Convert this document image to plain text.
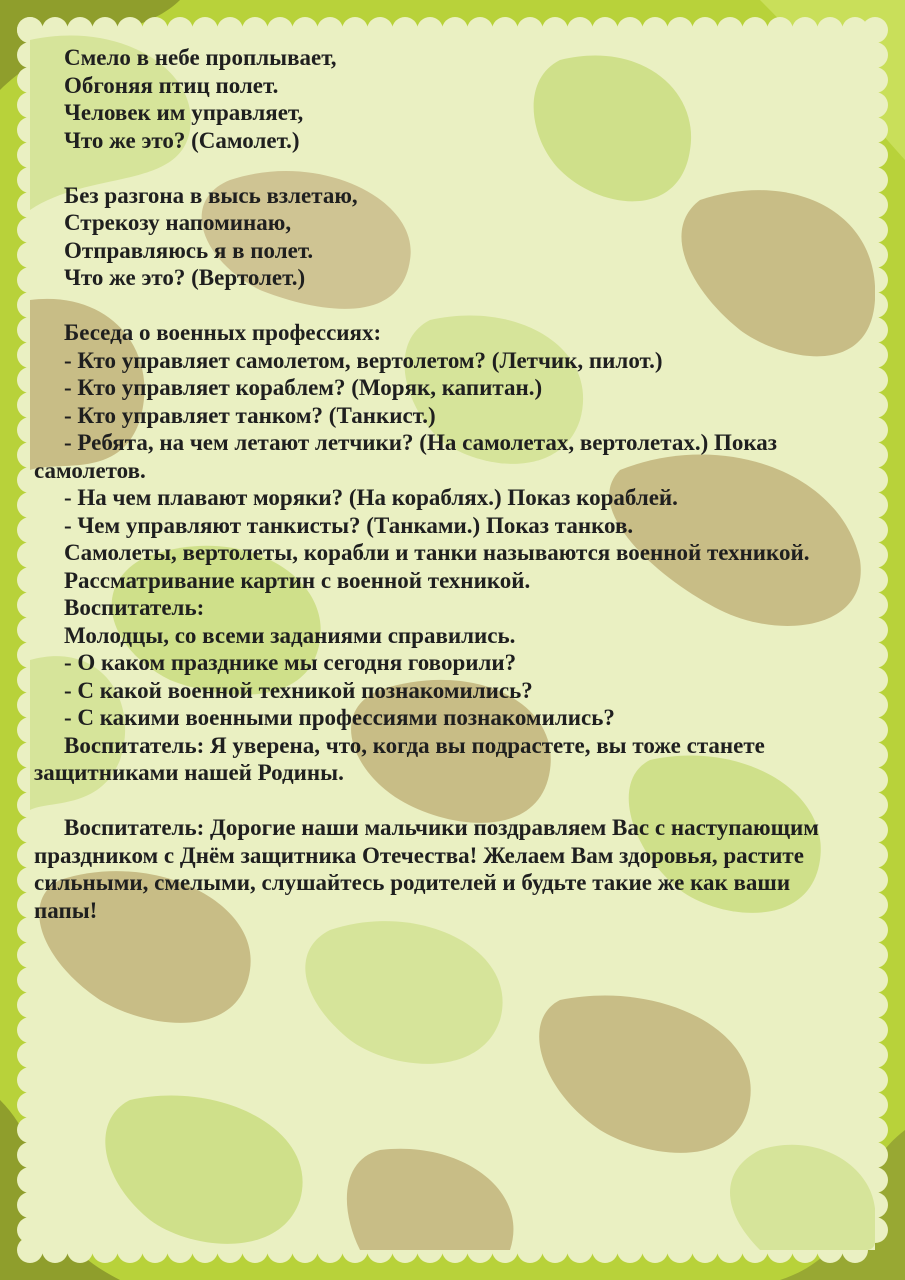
Смело в небе проплывает,

Обгоняя птиц полет.

Человек им управляет,

Что же это? (Самолет.)

Без разгона в высь взлетаю,

Стрекозу напоминаю,

Отправляюсь я в полет.

Что же это? (Вертолет.)

Беседа о военных профессиях:

- Кто управляет самолетом, вертолетом? (Летчик, пилот.)

- Кто управляет кораблем? (Моряк, капитан.)

- Кто управляет танком? (Танкист.)

- Ребята, на чем летают летчики? (На самолетах, вертолетах.) Показ самолетов.

- На чем плавают моряки? (На кораблях.) Показ кораблей.

- Чем управляют танкисты? (Танками.) Показ танков.

Самолеты, вертолеты, корабли и танки называются военной техникой.

Рассматривание картин с военной техникой.

Воспитатель:

Молодцы, со всеми заданиями справились.

- О каком празднике мы сегодня говорили?

- С какой военной техникой познакомились?

- С какими военными профессиями познакомились?

Воспитатель: Я уверена, что, когда вы подрастете, вы тоже станете защитниками нашей Родины.

Воспитатель: Дорогие наши мальчики поздравляем Вас с наступающим праздником с Днём защитника Отечества! Желаем Вам здоровья, растите сильными, смелыми, слушайтесь родителей и будьте такие же как ваши папы!
